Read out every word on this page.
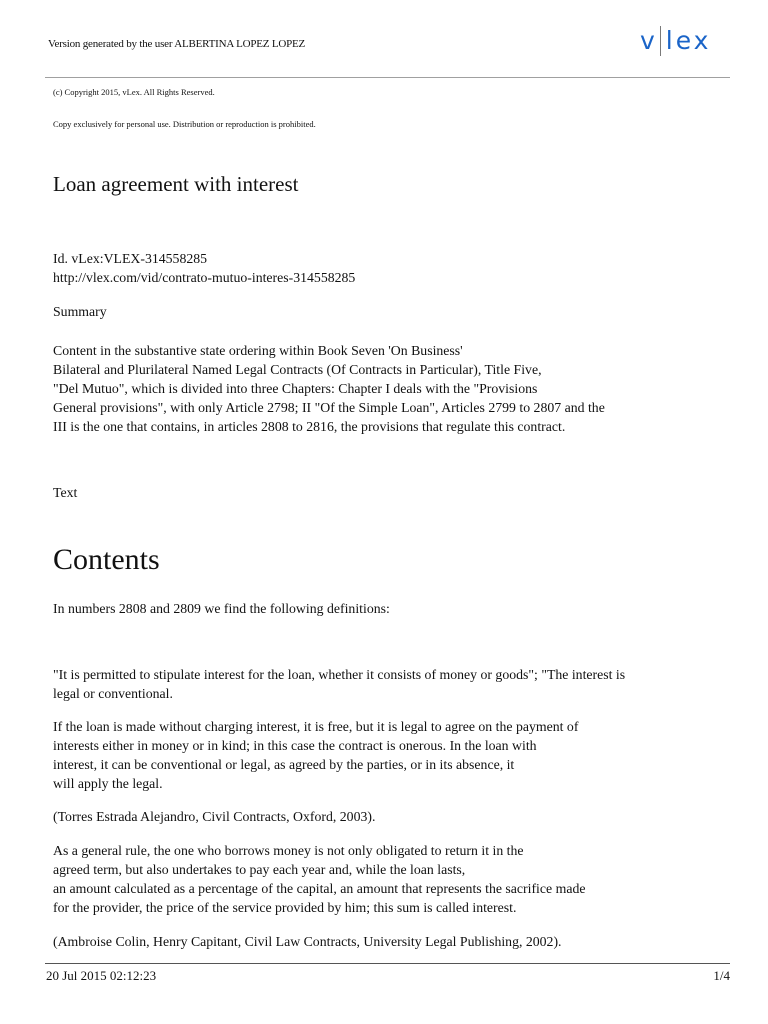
Version generated by the user ALBERTINA LOPEZ LOPEZ	v lex
(c) Copyright 2015, vLex. All Rights Reserved.
Copy exclusively for personal use. Distribution or reproduction is prohibited.
Loan agreement with interest
Id. vLex:VLEX-314558285
http://vlex.com/vid/contrato-mutuo-interes-314558285
Summary
Content in the substantive state ordering within Book Seven 'On Business'
Bilateral and Plurilateral Named Legal Contracts (Of Contracts in Particular), Title Five,
"Del Mutuo", which is divided into three Chapters: Chapter I deals with the "Provisions
General provisions", with only Article 2798; II "Of the Simple Loan", Articles 2799 to 2807 and the
III is the one that contains, in articles 2808 to 2816, the provisions that regulate this contract.
Text
Contents
In numbers 2808 and 2809 we find the following definitions:
"It is permitted to stipulate interest for the loan, whether it consists of money or goods"; "The interest is
legal or conventional.
If the loan is made without charging interest, it is free, but it is legal to agree on the payment of
interests either in money or in kind; in this case the contract is onerous. In the loan with
interest, it can be conventional or legal, as agreed by the parties, or in its absence, it
will apply the legal.
(Torres Estrada Alejandro, Civil Contracts, Oxford, 2003).
As a general rule, the one who borrows money is not only obligated to return it in the
agreed term, but also undertakes to pay each year and, while the loan lasts,
an amount calculated as a percentage of the capital, an amount that represents the sacrifice made
for the provider, the price of the service provided by him; this sum is called interest.
(Ambroise Colin, Henry Capitant, Civil Law Contracts, University Legal Publishing, 2002).
20 Jul 2015 02:12:23	1/4
